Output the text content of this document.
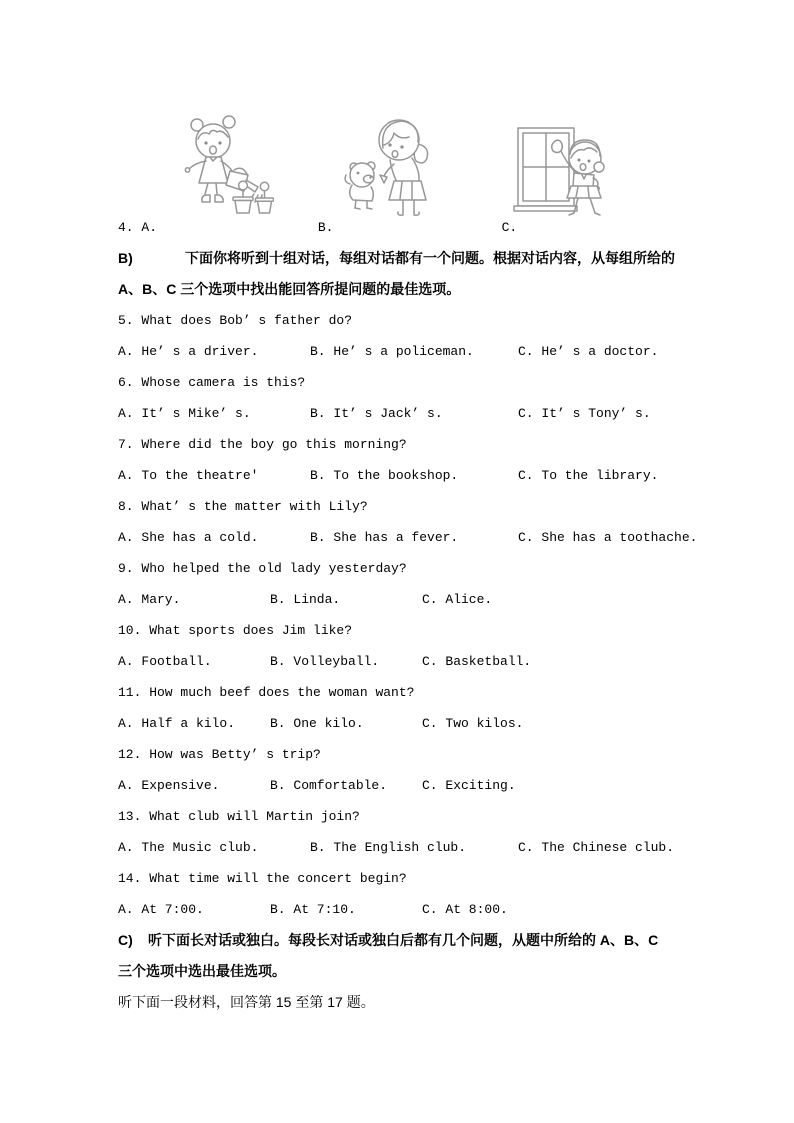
4. A.	B.	C.

B)	下面你将听到十组对话，每组对话都有一个问题。根据对话内容，从每组所给的 A、B、C 三个选项中找出能回答所提问题的最佳选项。

5. What does Bob’ s father do?

A. He’ s a driver.	B. He’ s a policeman.	C. He’ s a doctor.

6. Whose camera is this?

A. It’ s Mike’ s.	B. It’ s Jack’ s.	C. It’ s Tony’ s.

7. Where did the boy go this morning?

A. To the theatre'	B. To the bookshop.	C. To the library.

8. What’ s the matter with Lily?

A. She has a cold.	B. She has a fever.	C. She has a toothache.

9. Who helped the old lady yesterday?

A. Mary.	B. Linda.	C. Alice.

10. What sports does Jim like?

A. Football.	B. Volleyball.	C. Basketball.

11. How much beef does the woman want?

A. Half a kilo.	B. One kilo.	C. Two kilos.

12. How was Betty’ s trip?

A. Expensive.	B. Comfortable.	C. Exciting.

13. What club will Martin join?

A. The Music club.	B. The English club.	C. The Chinese club.

14. What time will the concert begin?

A. At 7:00.	B. At 7:10.	C. At 8:00.

C) 听下面长对话或独白。每段长对话或独白后都有几个问题，从题中所给的 A、B、C 三个选项中选出最佳选项。

听下面一段材料，回答第 15 至第 17 题。
